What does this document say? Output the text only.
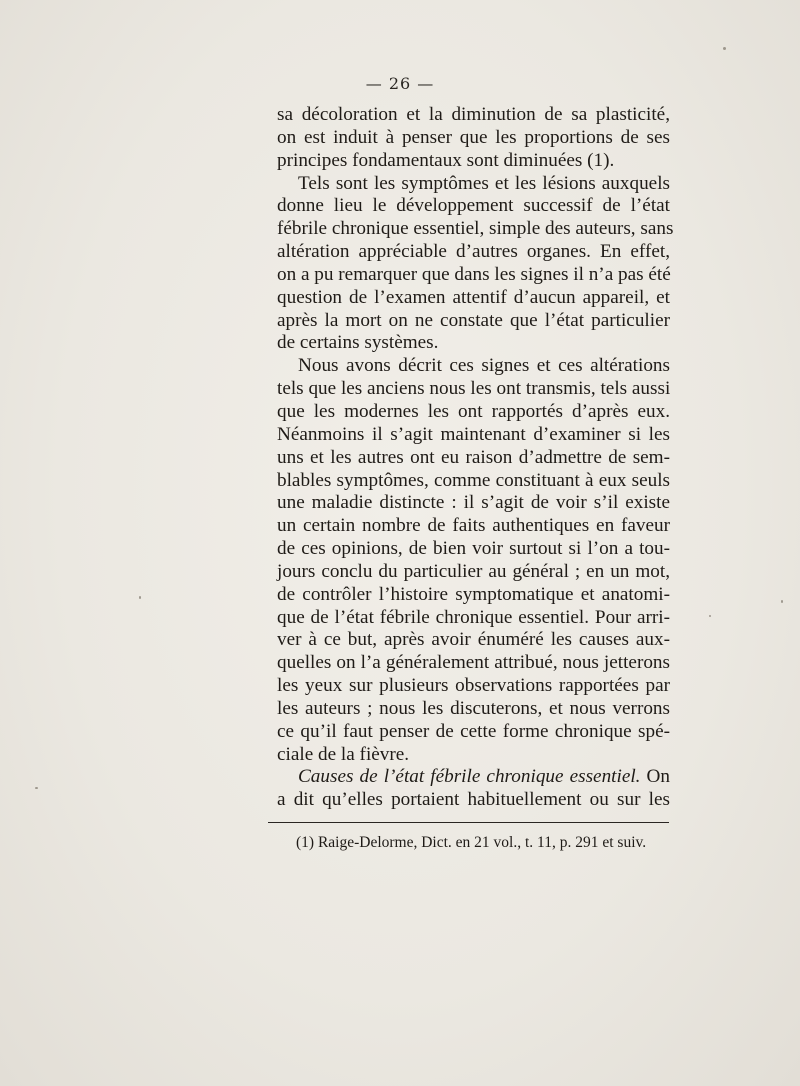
— 26 —
sa décoloration et la diminution de sa plasticité,
on est induit à penser que les proportions de ses
principes fondamentaux sont diminuées (1).
Tels sont les symptômes et les lésions auxquels
donne lieu le développement successif de l’état
fébrile chronique essentiel, simple des auteurs, sans
altération appréciable d’autres organes. En effet,
on a pu remarquer que dans les signes il n’a pas été
question de l’examen attentif d’aucun appareil, et
après la mort on ne constate que l’état particulier
de certains systèmes.
Nous avons décrit ces signes et ces altérations
tels que les anciens nous les ont transmis, tels aussi
que les modernes les ont rapportés d’après eux.
Néanmoins il s’agit maintenant d’examiner si les
uns et les autres ont eu raison d’admettre de sem-
blables symptômes, comme constituant à eux seuls
une maladie distincte : il s’agit de voir s’il existe
un certain nombre de faits authentiques en faveur
de ces opinions, de bien voir surtout si l’on a tou-
jours conclu du particulier au général ; en un mot,
de contrôler l’histoire symptomatique et anatomi-
que de l’état fébrile chronique essentiel. Pour arri-
ver à ce but, après avoir énuméré les causes aux-
quelles on l’a généralement attribué, nous jetterons
les yeux sur plusieurs observations rapportées par
les auteurs ; nous les discuterons, et nous verrons
ce qu’il faut penser de cette forme chronique spé-
ciale de la fièvre.
Causes de l’état fébrile chronique essentiel. On
a dit qu’elles portaient habituellement ou sur les
(1) Raige-Delorme, Dict. en 21 vol., t. 11, p. 291 et suiv.
